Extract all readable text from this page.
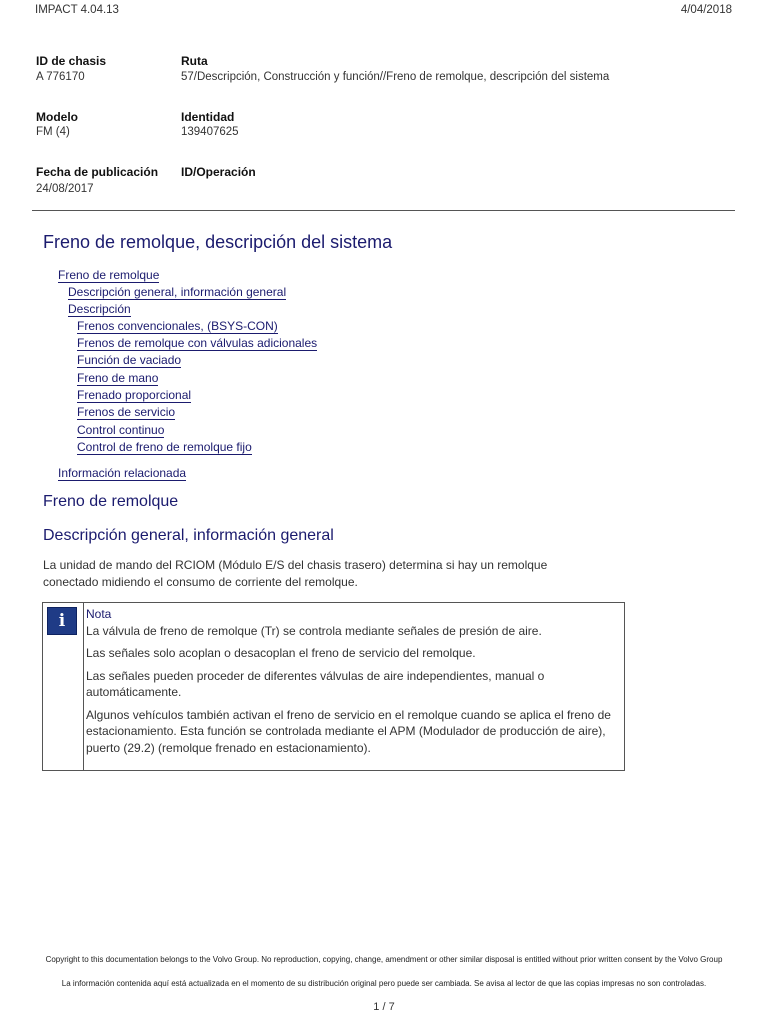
IMPACT 4.04.13	4/04/2018
ID de chasis
A 776170
Ruta
57/Descripción, Construcción y función//Freno de remolque, descripción del sistema
Modelo
FM (4)
Identidad
139407625
Fecha de publicación
24/08/2017
ID/Operación
Freno de remolque, descripción del sistema
Freno de remolque
Descripción general, información general
Descripción
Frenos convencionales, (BSYS-CON)
Frenos de remolque con válvulas adicionales
Función de vaciado
Freno de mano
Frenado proporcional
Frenos de servicio
Control continuo
Control de freno de remolque fijo
Información relacionada
Freno de remolque
Descripción general, información general
La unidad de mando del RCIOM (Módulo E/S del chasis trasero) determina si hay un remolque conectado midiendo el consumo de corriente del remolque.
i	Nota

La válvula de freno de remolque (Tr) se controla mediante señales de presión de aire.

Las señales solo acoplan o desacoplan el freno de servicio del remolque.

Las señales pueden proceder de diferentes válvulas de aire independientes, manual o automáticamente.

Algunos vehículos también activan el freno de servicio en el remolque cuando se aplica el freno de estacionamiento. Esta función se controlada mediante el APM (Modulador de producción de aire), puerto (29.2) (remolque frenado en estacionamiento).

Copyright to this documentation belongs to the Volvo Group. No reproduction, copying, change, amendment or other similar disposal is entitled without prior written consent by the Volvo Group
La información contenida aquí está actualizada en el momento de su distribución original pero puede ser cambiada. Se avisa al lector de que las copias impresas no son controladas.
1 / 7
